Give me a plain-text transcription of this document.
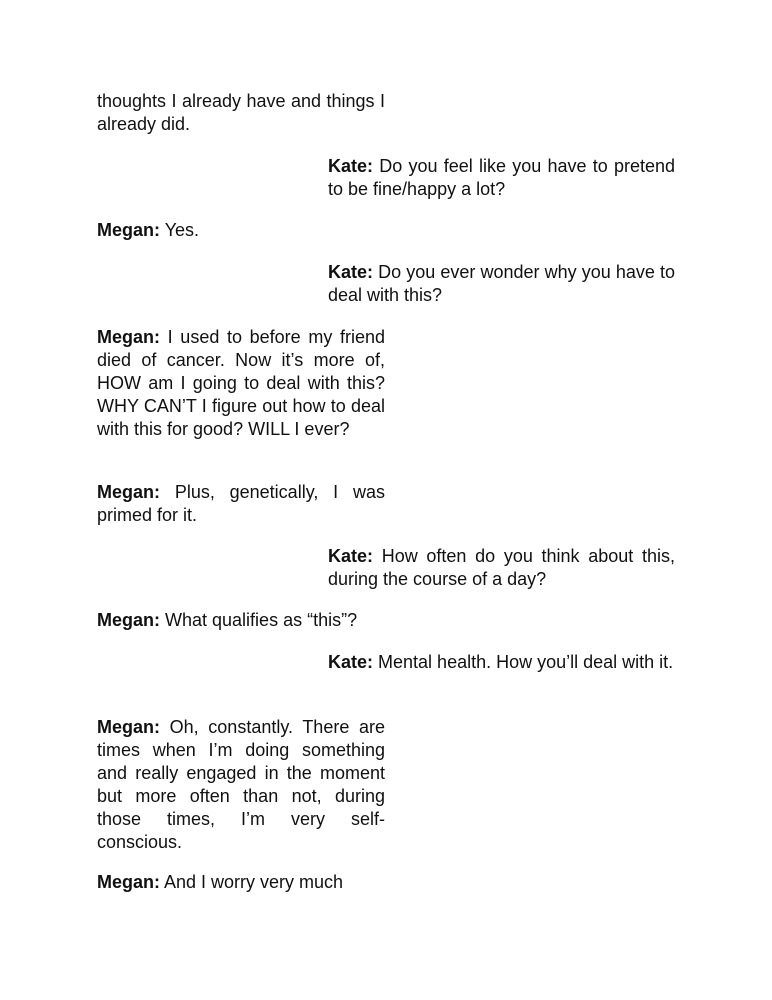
thoughts I already have and things I already did.

Kate: Do you feel like you have to pretend to be fine/happy a lot?

Megan: Yes.

Kate: Do you ever wonder why you have to deal with this?

Megan: I used to before my friend died of cancer. Now it’s more of, HOW am I going to deal with this? WHY CAN’T I figure out how to deal with this for good? WILL I ever?

Megan: Plus, genetically, I was primed for it.

Kate: How often do you think about this, during the course of a day?

Megan: What qualifies as “this”?

Kate: Mental health. How you’ll deal with it.

Megan: Oh, constantly. There are times when I’m doing something and really engaged in the moment but more often than not, during those times, I’m very self-conscious.

Megan: And I worry very much
